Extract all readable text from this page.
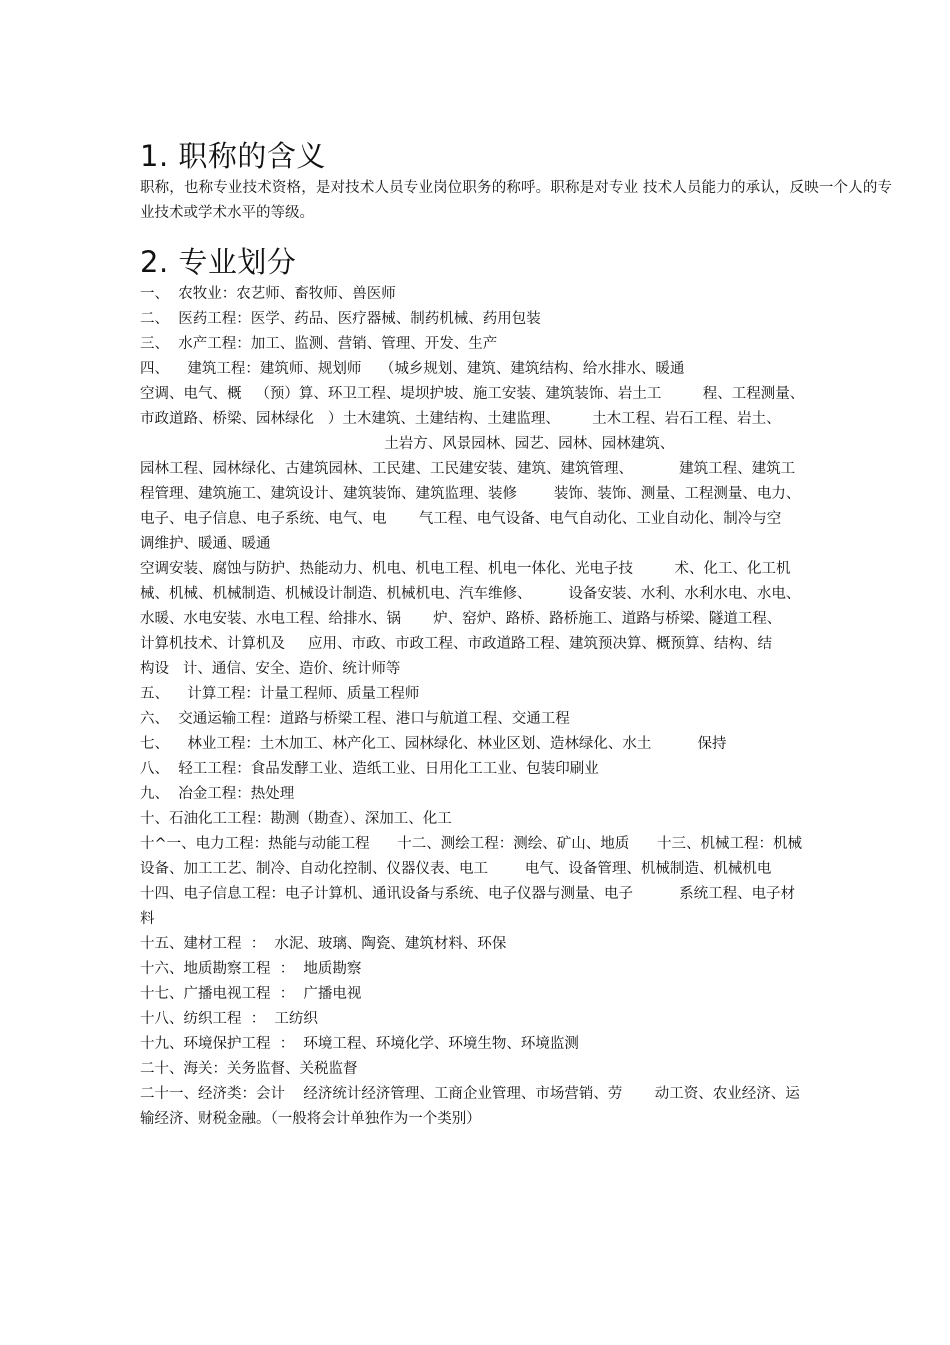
1. 职称的含义

职称，也称专业技术资格，是对技术人员专业岗位职务的称呼。职称是对专业 技术人员能力的承认，反映一个人的专业技术或学术水平的等级。

2. 专业划分
一、  农牧业：农艺师、畜牧师、兽医师
二、  医药工程：医学、药品、医疗器械、制药机械、药用包装
三、  水产工程：加工、监测、营销、管理、开发、生产
四、    建筑工程：建筑师、规划师    （城乡规划、建筑、建筑结构、给水排水、暖通
空调、电气、概   （预）算、环卫工程、堤坝护坡、施工安装、建筑装饰、岩土工         程、工程测量、
市政道路、桥梁、园林绿化   ）土木建筑、土建结构、土建监理、       土木工程、岩石工程、岩土、
土岩方、风景园林、园艺、园林、园林建筑、
园林工程、园林绿化、古建筑园林、工民建、工民建安装、建筑、建筑管理、          建筑工程、建筑工
程管理、建筑施工、建筑设计、建筑装饰、建筑监理、装修        装饰、装饰、测量、工程测量、电力、
电子、电子信息、电子系统、电气、电       气工程、电气设备、电气自动化、工业自动化、制冷与空
调维护、暖通、暖通
空调安装、腐蚀与防护、热能动力、机电、机电工程、机电一体化、光电子技         术、化工、化工机
械、机械、机械制造、机械设计制造、机械机电、汽车维修、        设备安装、水利、水利水电、水电、
水暖、水电安装、水电工程、给排水、锅       炉、窑炉、路桥、路桥施工、道路与桥梁、隧道工程、
计算机技术、计算机及     应用、市政、市政工程、市政道路工程、建筑预决算、概预算、结构、结
构设   计、通信、安全、造价、统计师等
五、    计算工程：计量工程师、质量工程师
六、  交通运输工程：道路与桥梁工程、港口与航道工程、交通工程
七、    林业工程：土木加工、林产化工、园林绿化、林业区划、造林绿化、水土          保持
八、  轻工工程：食品发酵工业、造纸工业、日用化工工业、包装印刷业
九、  冶金工程：热处理
十、石油化工工程：勘测（勘查）、深加工、化工
十^一、电力工程：热能与动能工程      十二、测绘工程：测绘、矿山、地质      十三、机械工程：机械
设备、加工工艺、制冷、自动化控制、仪器仪表、电工        电气、设备管理、机械制造、机械机电
十四、电子信息工程：电子计算机、通讯设备与系统、电子仪器与测量、电子          系统工程、电子材
料
十五、建材工程  ：  水泥、玻璃、陶瓷、建筑材料、环保
十六、地质勘察工程  ：  地质勘察
十七、广播电视工程  ：  广播电视
十八、纺织工程  ：  工纺织
十九、环境保护工程  ：  环境工程、环境化学、环境生物、环境监测
二十、海关：关务监督、关税监督
二十一、经济类：会计    经济统计经济管理、工商企业管理、市场营销、劳       动工资、农业经济、运
输经济、财税金融。（一般将会计单独作为一个类别）
